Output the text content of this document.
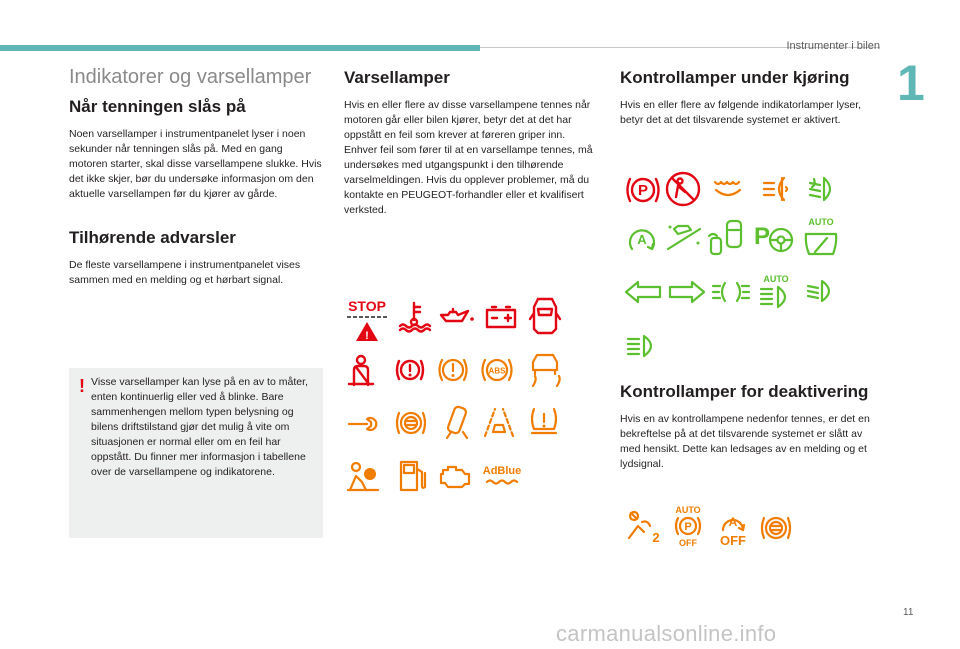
Instrumenter i bilen
1
11
carmanualsonline.info
Indikatorer og varsellamper
Når tenningen slås på

Noen varsellamper i instrumentpanelet lyser i noen sekunder når tenningen slås på. Med en gang motoren starter, skal disse varsellampene slukke. Hvis det ikke skjer, bør du undersøke informasjon om den aktuelle varsellampen før du kjører av gårde.

Tilhørende advarsler

De fleste varsellampene i instrumentpanelet vises sammen med en melding og et hørbart signal.

! Visse varsellamper kan lyse på en av to måter, enten kontinuerlig eller ved å blinke. Bare sammenhengen mellom typen belysning og bilens driftstilstand gjør det mulig å vite om situasjonen er normal eller om en feil har oppstått. Du finner mer informasjon i tabellene over de varsellampene og indikatorene.

Varsellamper

Hvis en eller flere av disse varsellampene tennes når motoren går eller bilen kjører, betyr det at det har oppstått en feil som krever at føreren griper inn. Enhver feil som fører til at en varsellampe tennes, må undersøkes med utgangspunkt i den tilhørende varselmeldingen. Hvis du opplever problemer, må du kontakte en PEUGEOT-forhandler eller et kvalifisert verksted.

STOP
!
ABS
AdBlue
Kontrollamper under kjøring

Hvis en eller flere av følgende indikatorlamper lyser, betyr det at det tilsvarende systemet er aktivert.

P
A	P
AUTO
AUTO
Kontrollamper for deaktivering

Hvis en av kontrollampene nedenfor tennes, er det en bekreftelse på at det tilsvarende systemet er slått av med hensikt. Dette kan ledsages av en melding og et lydsignal.

2
AUTO
P
OFF
A
OFF
